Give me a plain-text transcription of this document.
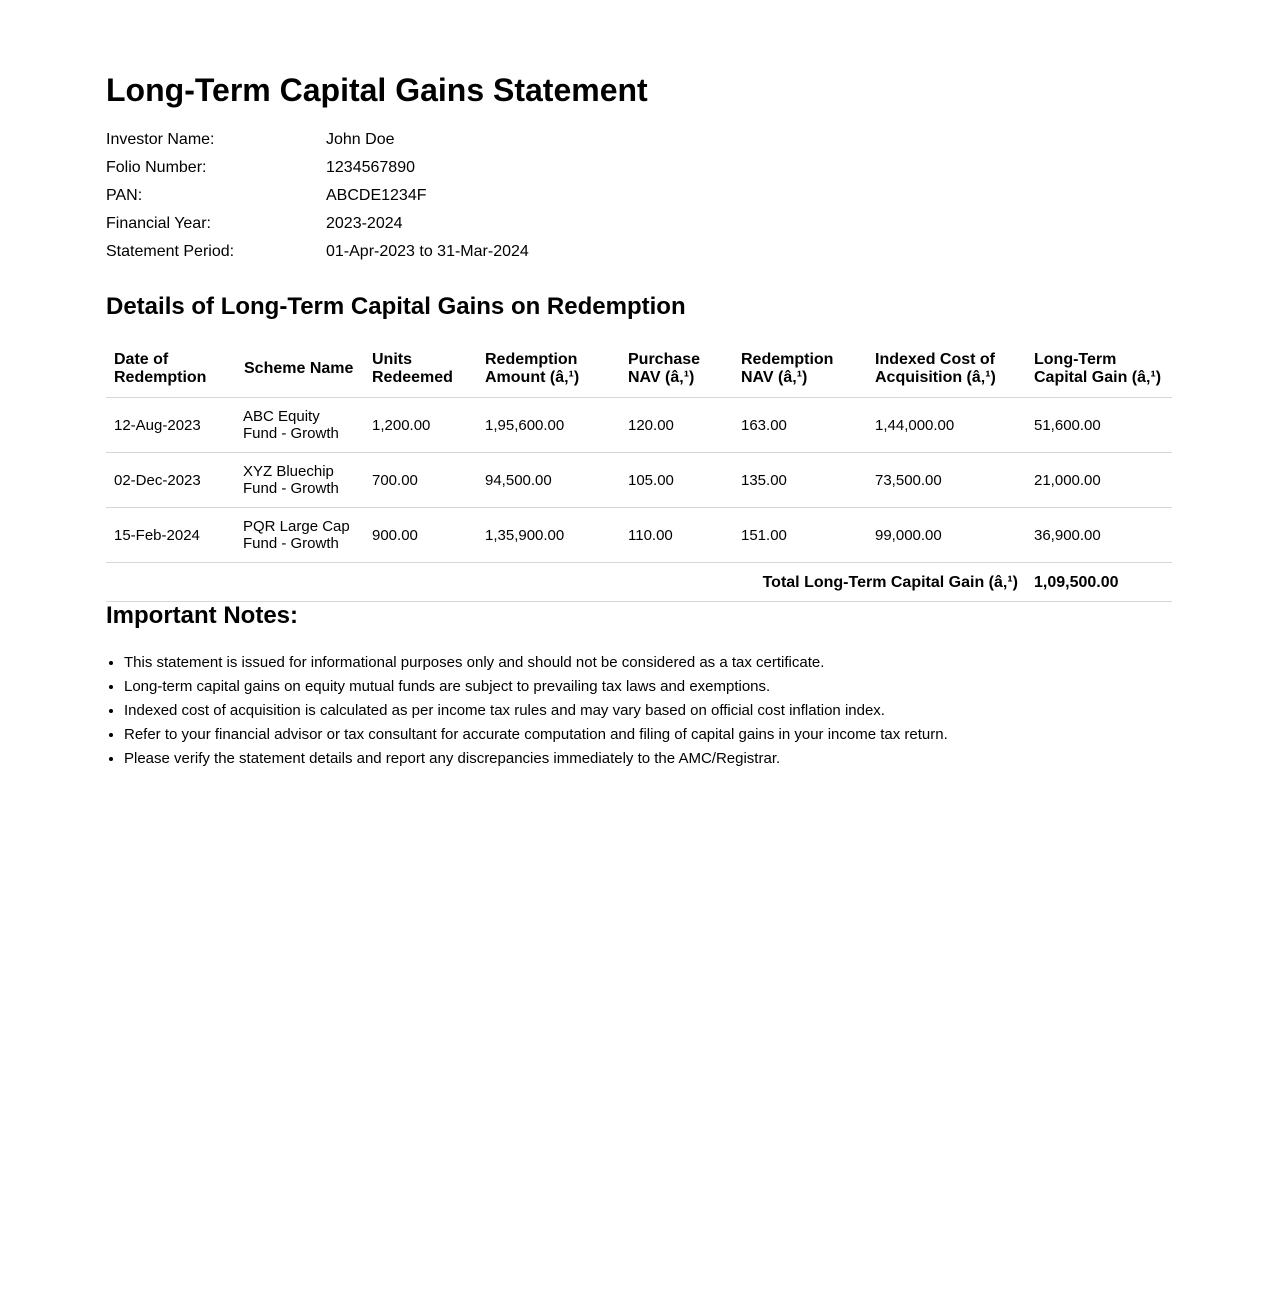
Long-Term Capital Gains Statement
Investor Name:	John Doe
Folio Number:	1234567890
PAN:	ABCDE1234F
Financial Year:	2023-2024
Statement Period:	01-Apr-2023 to 31-Mar-2024
Details of Long-Term Capital Gains on Redemption
Date of Redemption	Scheme Name	Units Redeemed	Redemption Amount (â‚¹)	Purchase NAV (â‚¹)	Redemption NAV (â‚¹)	Indexed Cost of Acquisition (â‚¹)	Long-Term Capital Gain (â‚¹)
12-Aug-2023	ABC Equity Fund - Growth	1,200.00	1,95,600.00	120.00	163.00	1,44,000.00	51,600.00
02-Dec-2023	XYZ Bluechip Fund - Growth	700.00	94,500.00	105.00	135.00	73,500.00	21,000.00
15-Feb-2024	PQR Large Cap Fund - Growth	900.00	1,35,900.00	110.00	151.00	99,000.00	36,900.00
Total Long-Term Capital Gain (â‚¹)							1,09,500.00
Important Notes:
• This statement is issued for informational purposes only and should not be considered as a tax certificate.
• Long-term capital gains on equity mutual funds are subject to prevailing tax laws and exemptions.
• Indexed cost of acquisition is calculated as per income tax rules and may vary based on official cost inflation index.
• Refer to your financial advisor or tax consultant for accurate computation and filing of capital gains in your income tax return.
• Please verify the statement details and report any discrepancies immediately to the AMC/Registrar.
